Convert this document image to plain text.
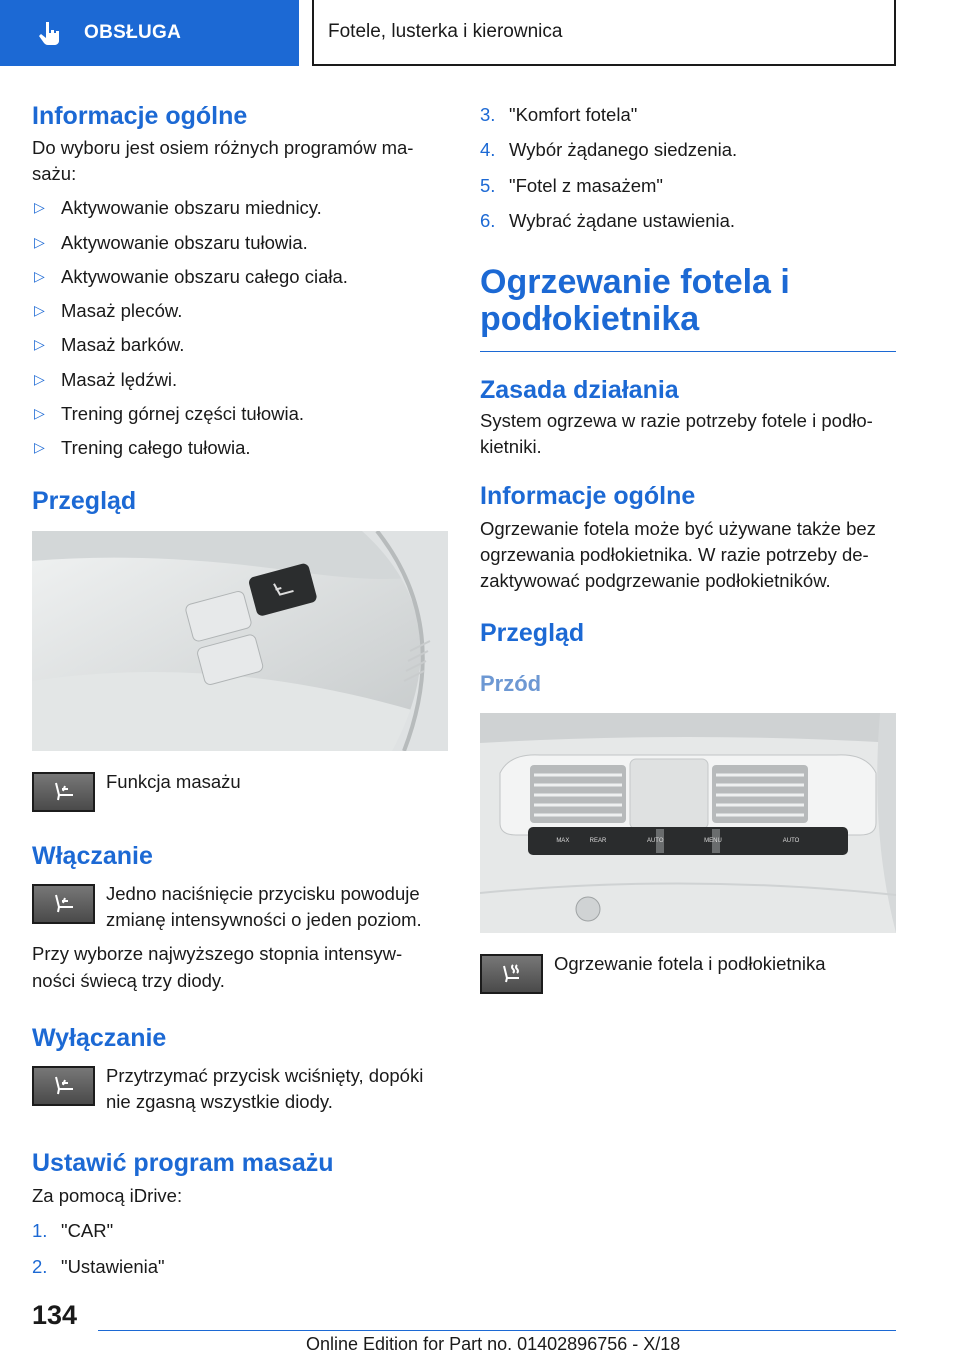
OBSŁUGA	Fotele, lusterka i kierownica
Informacje ogólne

Do wyboru jest osiem różnych programów ma-
sażu:

▷ Aktywowanie obszaru miednicy.
▷ Aktywowanie obszaru tułowia.
▷ Aktywowanie obszaru całego ciała.
▷ Masaż pleców.
▷ Masaż barków.
▷ Masaż lędźwi.
▷ Trening górnej części tułowia.
▷ Trening całego tułowia.
Przegląd

Funkcja masażu

Włączanie

Jedno naciśnięcie przycisku powoduje zmianę intensywności o jeden poziom.

Przy wyborze najwyższego stopnia intensyw-
ności świecą trzy diody.

Wyłączanie

Przytrzymać przycisk wciśnięty, dopóki nie zgasną wszystkie diody.

Ustawić program masażu

Za pomocą iDrive:

1. "CAR"
2. "Ustawienia"
3. "Komfort fotela"
4. Wybór żądanego siedzenia.
5. "Fotel z masażem"
6. Wybrać żądane ustawienia.
Ogrzewanie fotela i podłokietnika
Zasada działania

System ogrzewa w razie potrzeby fotele i podło-
kietniki.

Informacje ogólne

Ogrzewanie fotela może być używane także bez ogrzewania podłokietnika. W razie potrzeby de-
zaktywować podgrzewanie podłokietników.

Przegląd
Przód
MAX	REAR	AUTO	MENU	AUTO

Ogrzewanie fotela i podłokietnika

134
Online Edition for Part no. 01402896756 - X/18
